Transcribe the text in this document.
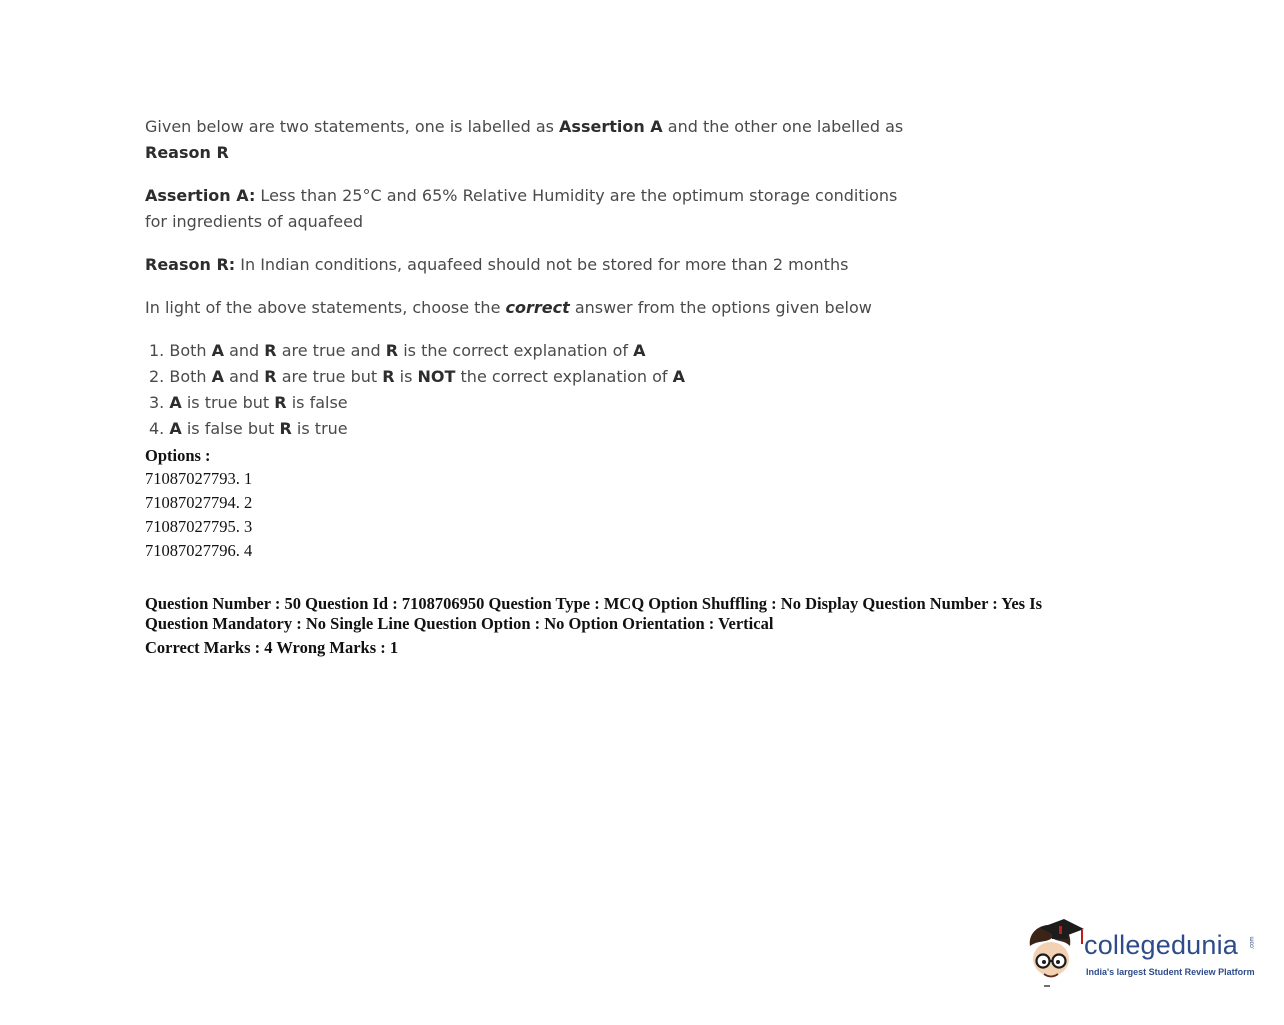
Given below are two statements, one is labelled as Assertion A and the other one labelled as
Reason R

Assertion A: Less than 25°C and 65% Relative Humidity are the optimum storage conditions
for ingredients of aquafeed

Reason R: In Indian conditions, aquafeed should not be stored for more than 2 months

In light of the above statements, choose the correct answer from the options given below

1. Both A and R are true and R is the correct explanation of A
2. Both A and R are true but R is NOT the correct explanation of A
3. A is true but R is false
4. A is false but R is true
Options :
71087027793. 1
71087027794. 2
71087027795. 3
71087027796. 4
Question Number : 50 Question Id : 7108706950 Question Type : MCQ Option Shuffling : No Display Question Number : Yes Is
Question Mandatory : No Single Line Question Option : No Option Orientation : Vertical
Correct Marks : 4 Wrong Marks : 1
collegedunia .com
India's largest Student Review Platform
